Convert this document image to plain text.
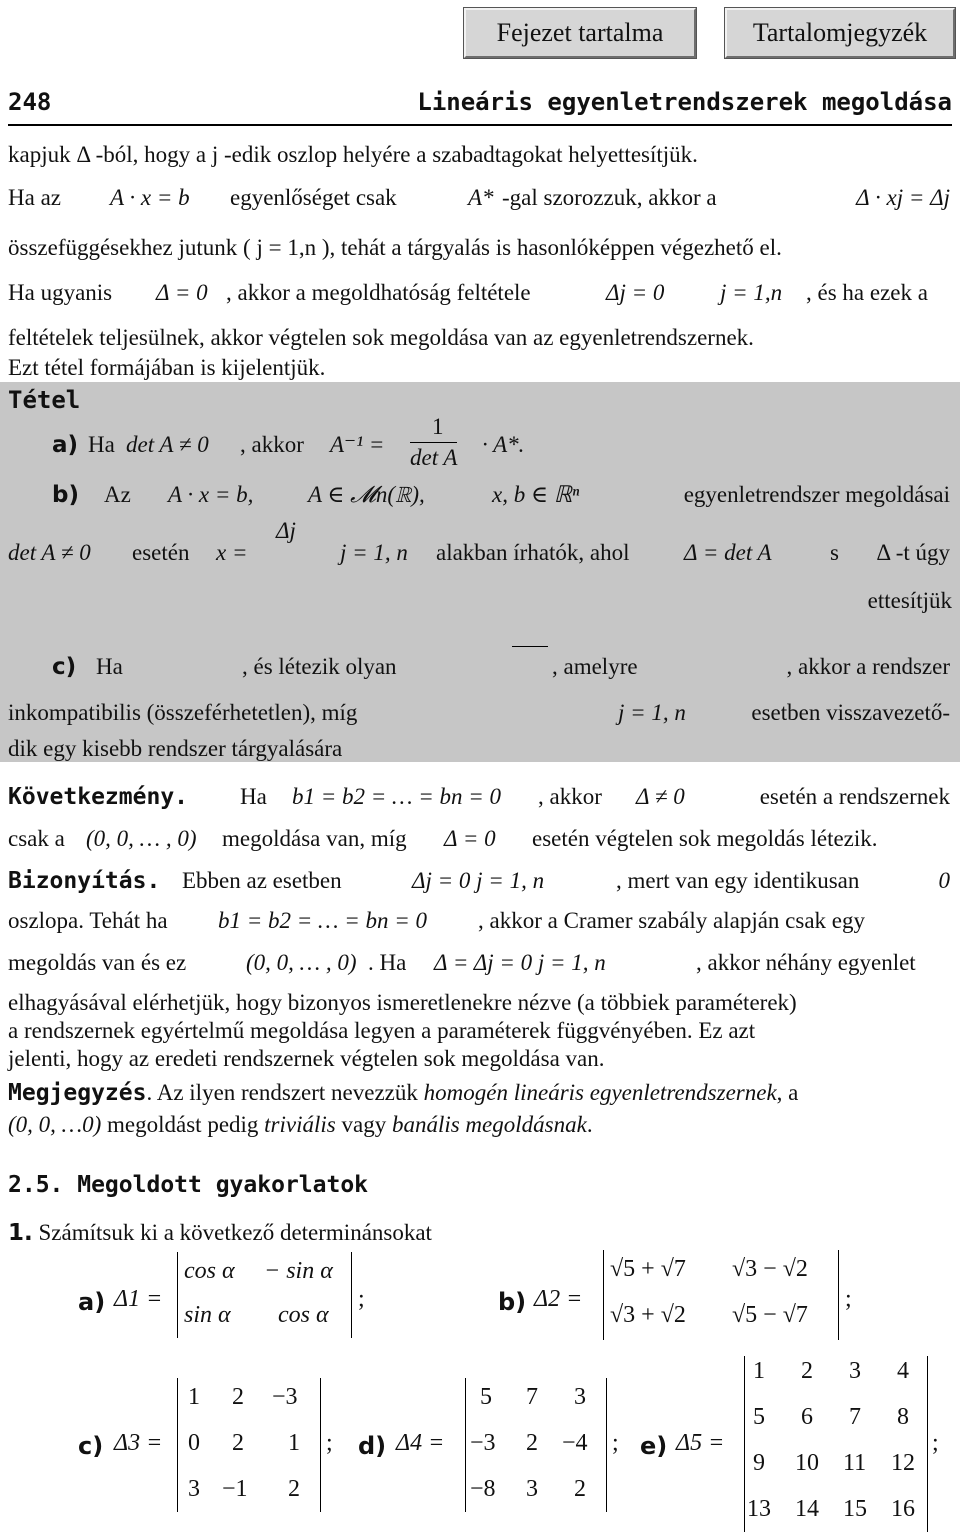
Fejezet tartalma	Tartalomjegyzék
248	Lineáris egyenletrendszerek megoldása
kapjuk Δ -ból, hogy a j -edik oszlop helyére a szabadtagokat helyettesítjük.
Ha az A · x = b egyenlőséget csak	A* -gal szorozzuk, akkor a	Δ · xj = Δj
összefüggésekhez jutunk ( j = 1,n ), tehát a tárgyalás is hasonlóképpen végezhető el.
Ha ugyanis Δ = 0 , akkor a megoldhatóság feltétele	Δj = 0 j = 1,n , és ha ezek a
feltételek teljesülnek, akkor végtelen sok megoldása van az egyenletrendszernek.
Ezt tétel formájában is kijelentjük.
Tétel
a) Ha det A ≠ 0 , akkor A⁻¹ =
1
det A
· A*.
b) Az A · x = b, A ∈ 𝓜n(ℝ),	x, b ∈ ℝⁿ	egyenletrendszer megoldásai
det A ≠ 0 esetén x =
Δj
j = 1, n alakban írhatók, ahol Δ = det A	s Δ -t úgy
ettesítjük
c) Ha	, és létezik olyan	, amelyre	, akkor a rendszer
inkompatibilis (összeférhetetlen), míg	j = 1, n	esetben visszavezető-
dik egy kisebb rendszer tárgyalására
Következmény. Ha b1 = b2 = … = bn = 0 , akkor Δ ≠ 0	esetén a rendszernek
csak a (0, 0, … , 0) megoldása van, míg Δ = 0 esetén végtelen sok megoldás létezik.
Bizonyítás. Ebben az esetben	Δj = 0 j = 1, n	, mert van egy identikusan	0
oszlopa. Tehát ha b1 = b2 = … = bn = 0 , akkor a Cramer szabály alapján csak egy
megoldás van és ez	(0, 0, … , 0) . Ha Δ = Δj = 0 j = 1, n	, akkor néhány egyenlet
elhagyásával elérhetjük, hogy bizonyos ismeretlenekre nézve (a többiek paraméterek)
a rendszernek egyértelmű megoldása legyen a paraméterek függvényében. Ez azt
jelenti, hogy az eredeti rendszernek végtelen sok megoldása van.
Megjegyzés. Az ilyen rendszert nevezzük homogén lineáris egyenletrendszernek, a
(0, 0, …0) megoldást pedig triviális vagy banális megoldásnak.
2.5. Megoldott gyakorlatok
1. Számítsuk ki a következő determinánsokat
a) Δ1 =
cos α − sin α
sin α cos α
;	b) Δ2 =
√5 + √7 √3 − √2
√3 + √2 √5 − √7
;
c) Δ3 =
1 2 −3
0 2 1
3 −1 2
; d) Δ4 =
5 7 3
−3 2 −4
−8 3 2
; e) Δ5 =
1 2 3 4
5 6 7 8
9 10 11 12
13 14 15 16
;
